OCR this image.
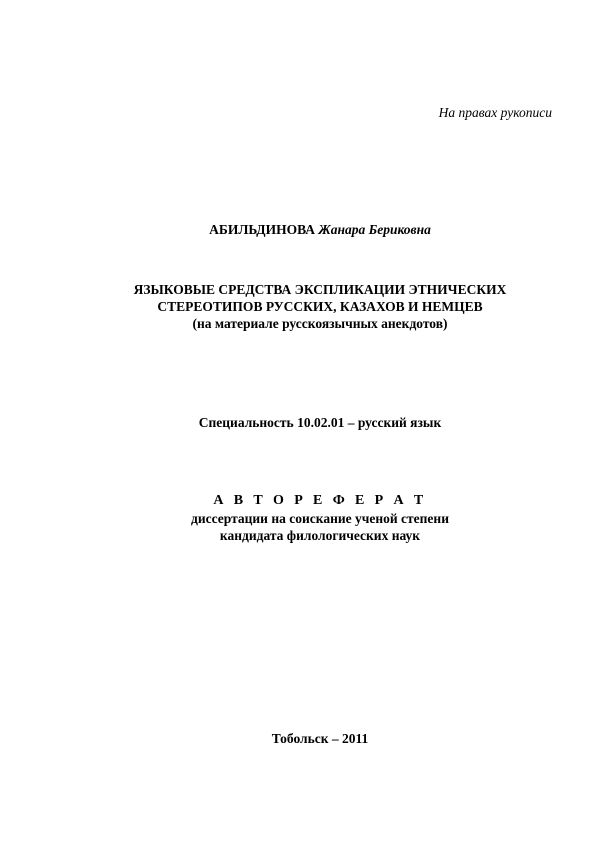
На правах рукописи
АБИЛЬДИНОВА Жанара Бериковна
ЯЗЫКОВЫЕ СРЕДСТВА ЭКСПЛИКАЦИИ ЭТНИЧЕСКИХ
СТЕРЕОТИПОВ РУССКИХ, КАЗАХОВ И НЕМЦЕВ
(на материале русскоязычных анекдотов)
Специальность 10.02.01 – русский язык
А В Т О Р Е Ф Е Р А Т
диссертации на соискание ученой степени
кандидата филологических наук
Тобольск – 2011
